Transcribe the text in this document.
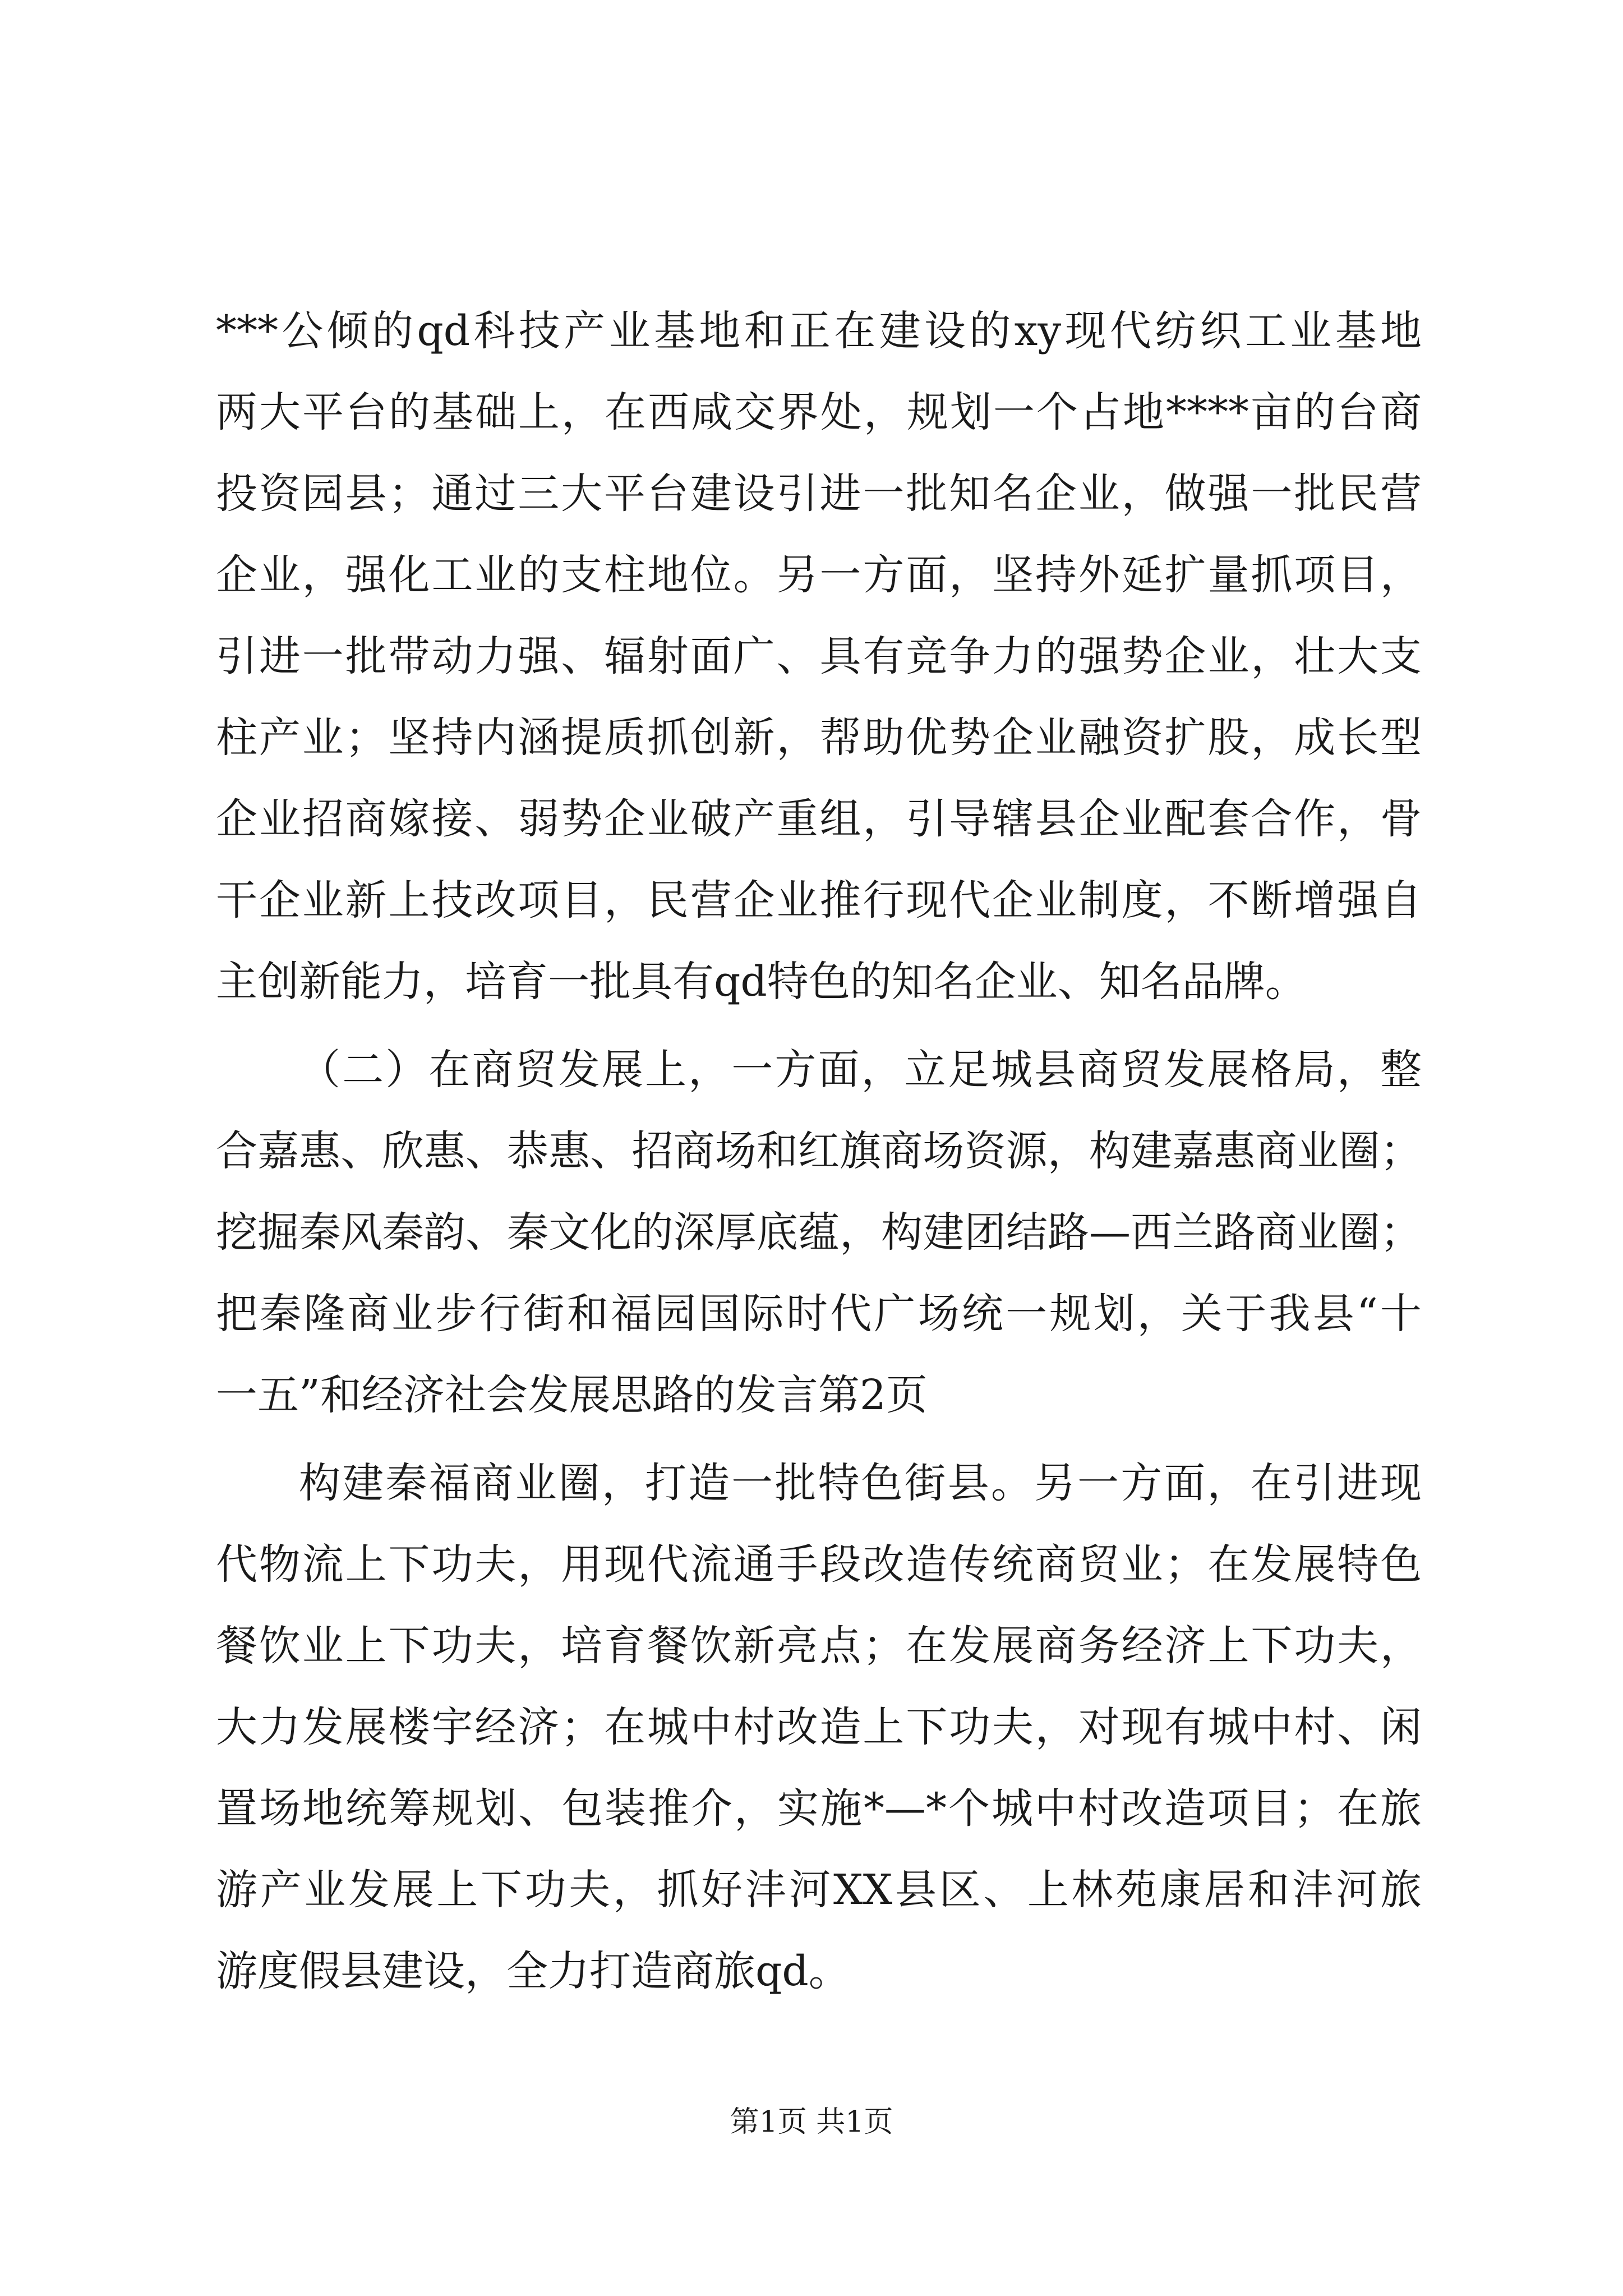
***公倾的qd科技产业基地和正在建设的xy现代纺织工业基地
两大平台的基础上，在西咸交界处，规划一个占地****亩的台商
投资园县；通过三大平台建设引进一批知名企业，做强一批民营
企业，强化工业的支柱地位。另一方面，坚持外延扩量抓项目，
引进一批带动力强、辐射面广、具有竞争力的强势企业，壮大支
柱产业；坚持内涵提质抓创新，帮助优势企业融资扩股，成长型
企业招商嫁接、弱势企业破产重组，引导辖县企业配套合作，骨
干企业新上技改项目，民营企业推行现代企业制度，不断增强自
主创新能力，培育一批具有qd特色的知名企业、知名品牌。
（二）在商贸发展上，一方面，立足城县商贸发展格局，整
合嘉惠、欣惠、恭惠、招商场和红旗商场资源，构建嘉惠商业圈；
挖掘秦风秦韵、秦文化的深厚底蕴，构建团结路—西兰路商业圈；
把秦隆商业步行街和福园国际时代广场统一规划，关于我县“十
一五”和经济社会发展思路的发言第2页
构建秦福商业圈，打造一批特色街县。另一方面，在引进现
代物流上下功夫，用现代流通手段改造传统商贸业；在发展特色
餐饮业上下功夫，培育餐饮新亮点；在发展商务经济上下功夫，
大力发展楼宇经济；在城中村改造上下功夫，对现有城中村、闲
置场地统筹规划、包装推介，实施*—*个城中村改造项目；在旅
游产业发展上下功夫，抓好沣河XX县区、上林苑康居和沣河旅
游度假县建设，全力打造商旅qd。
第1页 共1页
